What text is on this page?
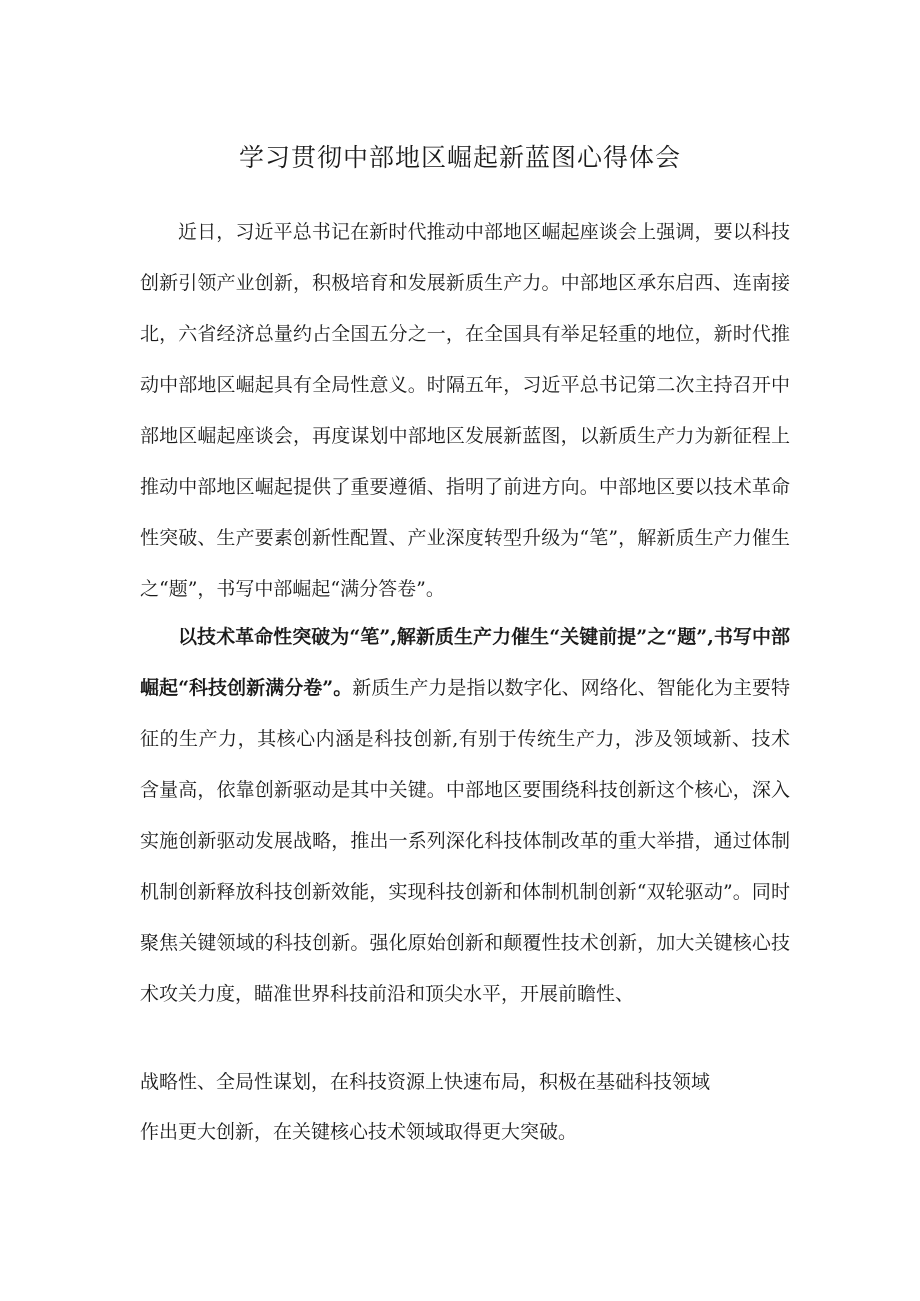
学习贯彻中部地区崛起新蓝图心得体会

近日，习近平总书记在新时代推动中部地区崛起座谈会上强调，要以科技创新引领产业创新，积极培育和发展新质生产力。中部地区承东启西、连南接北，六省经济总量约占全国五分之一，在全国具有举足轻重的地位，新时代推动中部地区崛起具有全局性意义。时隔五年，习近平总书记第二次主持召开中部地区崛起座谈会，再度谋划中部地区发展新蓝图，以新质生产力为新征程上推动中部地区崛起提供了重要遵循、指明了前进方向。中部地区要以技术革命性突破、生产要素创新性配置、产业深度转型升级为“笔”，解新质生产力催生之“题”，书写中部崛起“满分答卷”。

以技术革命性突破为“笔”,解新质生产力催生“关键前提”之“题”,书写中部崛起“科技创新满分卷”。新质生产力是指以数字化、网络化、智能化为主要特征的生产力，其核心内涵是科技创新,有别于传统生产力，涉及领域新、技术含量高，依靠创新驱动是其中关键。中部地区要围绕科技创新这个核心，深入实施创新驱动发展战略，推出一系列深化科技体制改革的重大举措，通过体制机制创新释放科技创新效能，实现科技创新和体制机制创新“双轮驱动”。同时聚焦关键领域的科技创新。强化原始创新和颠覆性技术创新，加大关键核心技术攻关力度，瞄准世界科技前沿和顶尖水平，开展前瞻性、

战略性、全局性谋划，在科技资源上快速布局，积极在基础科技领域

作出更大创新，在关键核心技术领域取得更大突破。
